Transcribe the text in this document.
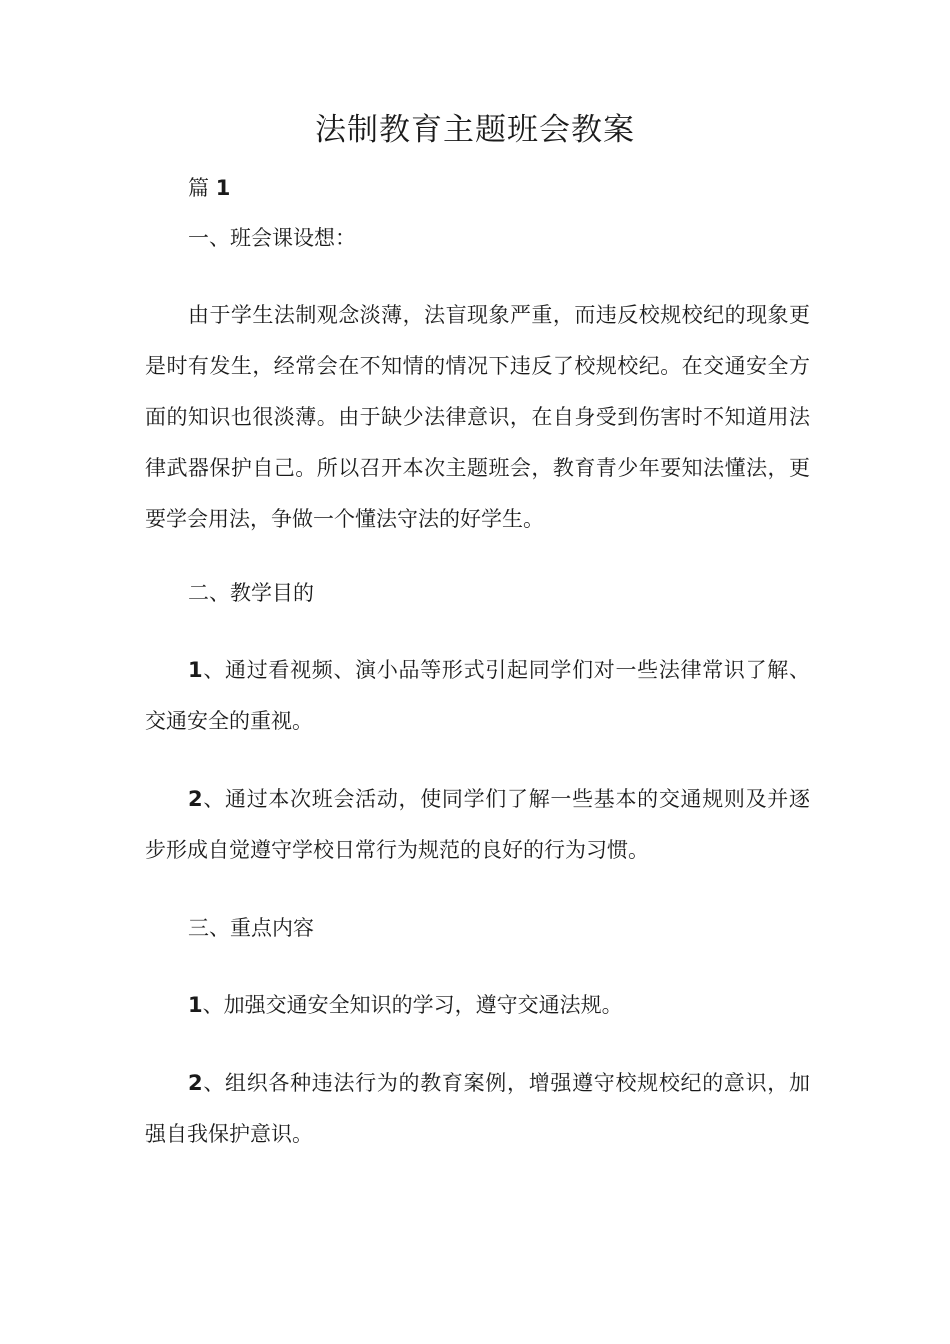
法制教育主题班会教案

篇 1

一、班会课设想：

由于学生法制观念淡薄，法盲现象严重，而违反校规校纪的现象更是时有发生，经常会在不知情的情况下违反了校规校纪。在交通安全方面的知识也很淡薄。由于缺少法律意识，在自身受到伤害时不知道用法律武器保护自己。所以召开本次主题班会，教育青少年要知法懂法，更要学会用法，争做一个懂法守法的好学生。

二、教学目的

1、通过看视频、演小品等形式引起同学们对一些法律常识了解、交通安全的重视。

2、通过本次班会活动，使同学们了解一些基本的交通规则及并逐步形成自觉遵守学校日常行为规范的良好的行为习惯。

三、重点内容

1、加强交通安全知识的学习，遵守交通法规。

2、组织各种违法行为的教育案例，增强遵守校规校纪的意识，加强自我保护意识。
